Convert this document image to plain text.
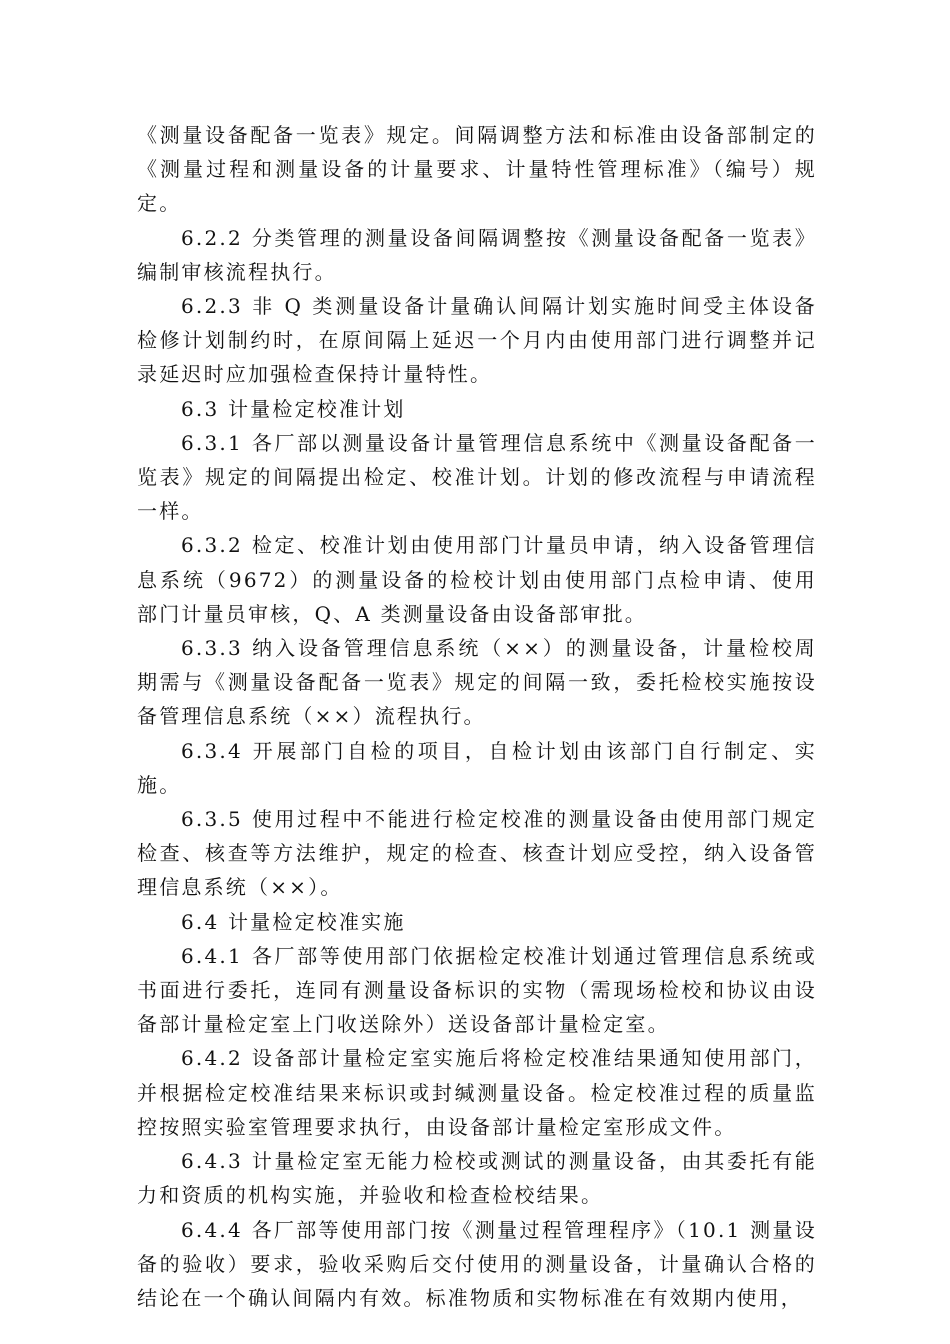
《测量设备配备一览表》规定。间隔调整方法和标准由设备部制定的《测量过程和测量设备的计量要求、计量特性管理标准》（编号）规定。

6.2.2 分类管理的测量设备间隔调整按《测量设备配备一览表》编制审核流程执行。

6.2.3 非 Q 类测量设备计量确认间隔计划实施时间受主体设备检修计划制约时，在原间隔上延迟一个月内由使用部门进行调整并记录延迟时应加强检查保持计量特性。

6.3 计量检定校准计划

6.3.1 各厂部以测量设备计量管理信息系统中《测量设备配备一览表》规定的间隔提出检定、校准计划。计划的修改流程与申请流程一样。

6.3.2 检定、校准计划由使用部门计量员申请，纳入设备管理信息系统（9672）的测量设备的检校计划由使用部门点检申请、使用部门计量员审核，Q、A 类测量设备由设备部审批。

6.3.3 纳入设备管理信息系统（××）的测量设备，计量检校周期需与《测量设备配备一览表》规定的间隔一致，委托检校实施按设备管理信息系统（××）流程执行。

6.3.4 开展部门自检的项目，自检计划由该部门自行制定、实施。

6.3.5 使用过程中不能进行检定校准的测量设备由使用部门规定检查、核查等方法维护，规定的检查、核查计划应受控，纳入设备管理信息系统（××）。

6.4 计量检定校准实施

6.4.1 各厂部等使用部门依据检定校准计划通过管理信息系统或书面进行委托，连同有测量设备标识的实物（需现场检校和协议由设备部计量检定室上门收送除外）送设备部计量检定室。

6.4.2 设备部计量检定室实施后将检定校准结果通知使用部门，并根据检定校准结果来标识或封缄测量设备。检定校准过程的质量监控按照实验室管理要求执行，由设备部计量检定室形成文件。

6.4.3 计量检定室无能力检校或测试的测量设备，由其委托有能力和资质的机构实施，并验收和检查检校结果。

6.4.4 各厂部等使用部门按《测量过程管理程序》（10.1 测量设备的验收）要求，验收采购后交付使用的测量设备，计量确认合格的结论在一个确认间隔内有效。标准物质和实物标准在有效期内使用，
